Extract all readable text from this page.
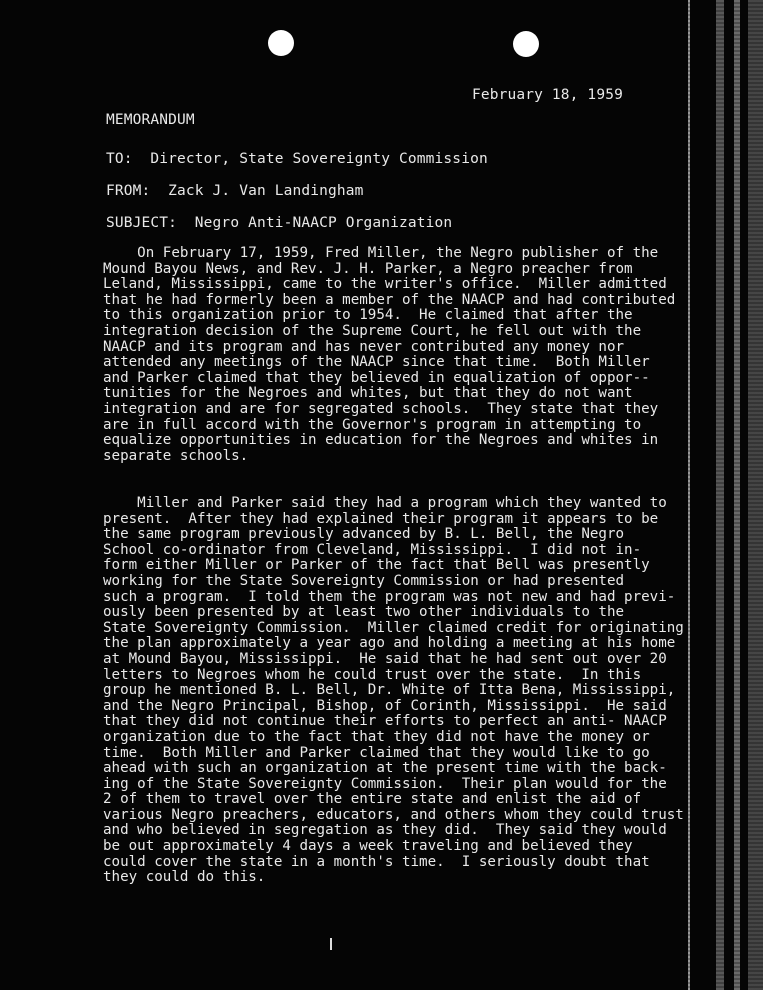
February 18, 1959
MEMORANDUM
TO:  Director, State Sovereignty Commission
FROM:  Zack J. Van Landingham
SUBJECT:  Negro Anti-NAACP Organization
On February 17, 1959, Fred Miller, the Negro publisher of the
Mound Bayou News, and Rev. J. H. Parker, a Negro preacher from
Leland, Mississippi, came to the writer's office.  Miller admitted
that he had formerly been a member of the NAACP and had contributed
to this organization prior to 1954.  He claimed that after the
integration decision of the Supreme Court, he fell out with the
NAACP and its program and has never contributed any money nor
attended any meetings of the NAACP since that time.  Both Miller
and Parker claimed that they believed in equalization of oppor--
tunities for the Negroes and whites, but that they do not want
integration and are for segregated schools.  They state that they
are in full accord with the Governor's program in attempting to
equalize opportunities in education for the Negroes and whites in
separate schools.
Miller and Parker said they had a program which they wanted to
present.  After they had explained their program it appears to be
the same program previously advanced by B. L. Bell, the Negro
School co-ordinator from Cleveland, Mississippi.  I did not in-
form either Miller or Parker of the fact that Bell was presently
working for the State Sovereignty Commission or had presented
such a program.  I told them the program was not new and had previ-
ously been presented by at least two other individuals to the
State Sovereignty Commission.  Miller claimed credit for originating
the plan approximately a year ago and holding a meeting at his home
at Mound Bayou, Mississippi.  He said that he had sent out over 20
letters to Negroes whom he could trust over the state.  In this
group he mentioned B. L. Bell, Dr. White of Itta Bena, Mississippi,
and the Negro Principal, Bishop, of Corinth, Mississippi.  He said
that they did not continue their efforts to perfect an anti- NAACP
organization due to the fact that they did not have the money or
time.  Both Miller and Parker claimed that they would like to go
ahead with such an organization at the present time with the back-
ing of the State Sovereignty Commission.  Their plan would for the
2 of them to travel over the entire state and enlist the aid of
various Negro preachers, educators, and others whom they could trust
and who believed in segregation as they did.  They said they would
be out approximately 4 days a week traveling and believed they
could cover the state in a month's time.  I seriously doubt that
they could do this.
